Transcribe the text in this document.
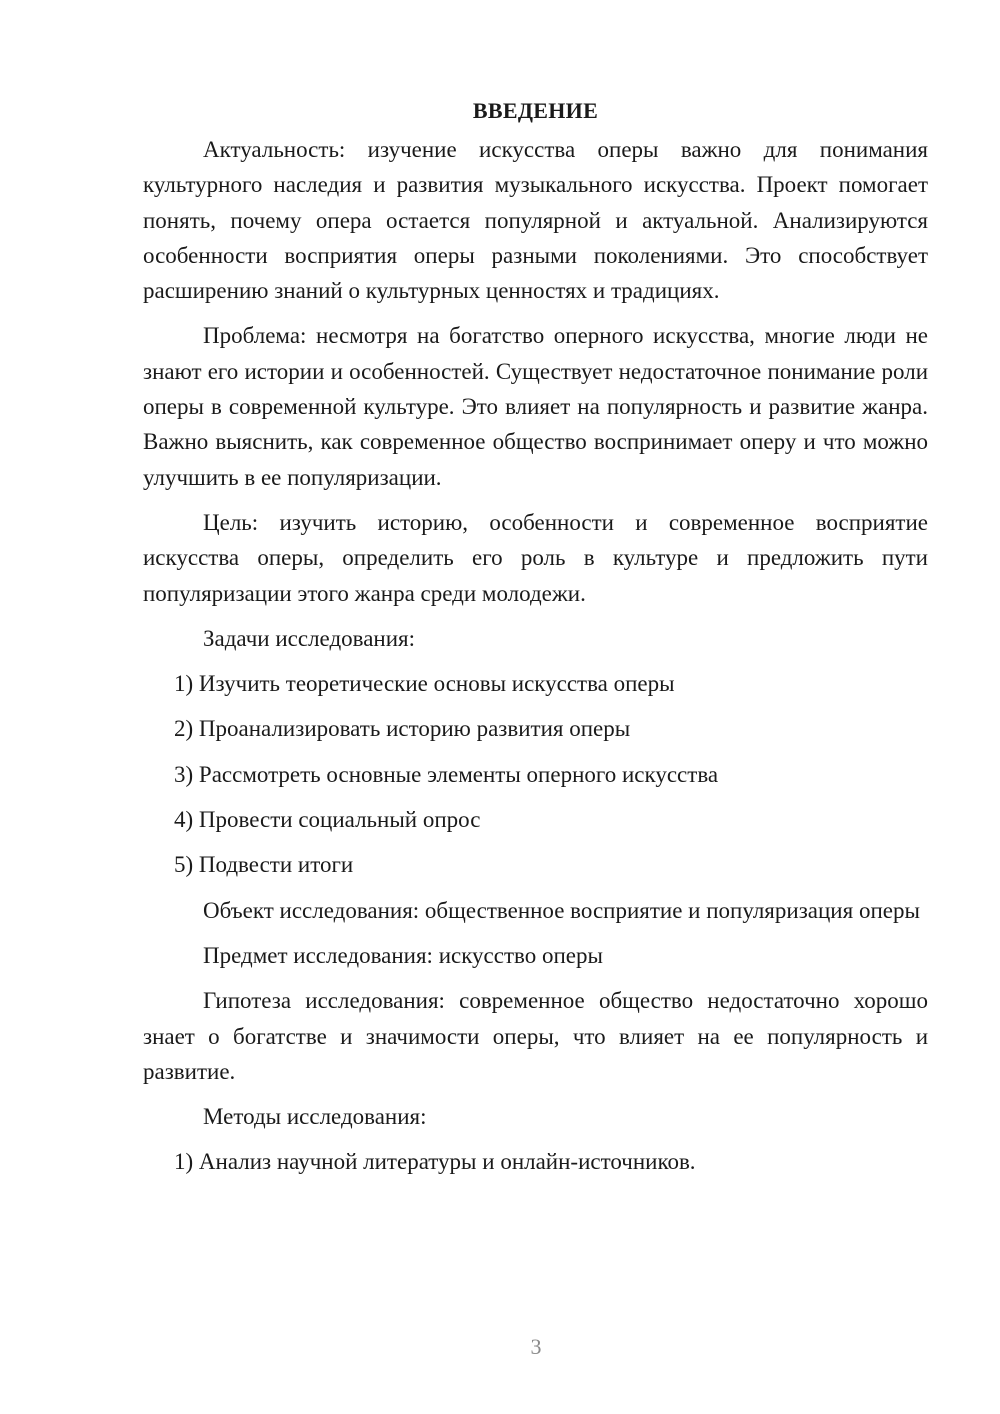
ВВЕДЕНИЕ

Актуальность: изучение искусства оперы важно для понимания культурного наследия и развития музыкального искусства. Проект помогает понять, почему опера остается популярной и актуальной. Анализируются особенности восприятия оперы разными поколениями. Это способствует расширению знаний о культурных ценностях и традициях.

Проблема: несмотря на богатство оперного искусства, многие люди не знают его истории и особенностей. Существует недостаточное понимание роли оперы в современной культуре. Это влияет на популярность и развитие жанра. Важно выяснить, как современное общество воспринимает оперу и что можно улучшить в ее популяризации.

Цель: изучить историю, особенности и современное восприятие искусства оперы, определить его роль в культуре и предложить пути популяризации этого жанра среди молодежи.

Задачи исследования:

1) Изучить теоретические основы искусства оперы

2) Проанализировать историю развития оперы

3) Рассмотреть основные элементы оперного искусства

4) Провести социальный опрос

5) Подвести итоги

Объект исследования: общественное восприятие и популяризация оперы

Предмет исследования: искусство оперы

Гипотеза исследования: современное общество недостаточно хорошо знает о богатстве и значимости оперы, что влияет на ее популярность и развитие.

Методы исследования:

1) Анализ научной литературы и онлайн-источников.

3
